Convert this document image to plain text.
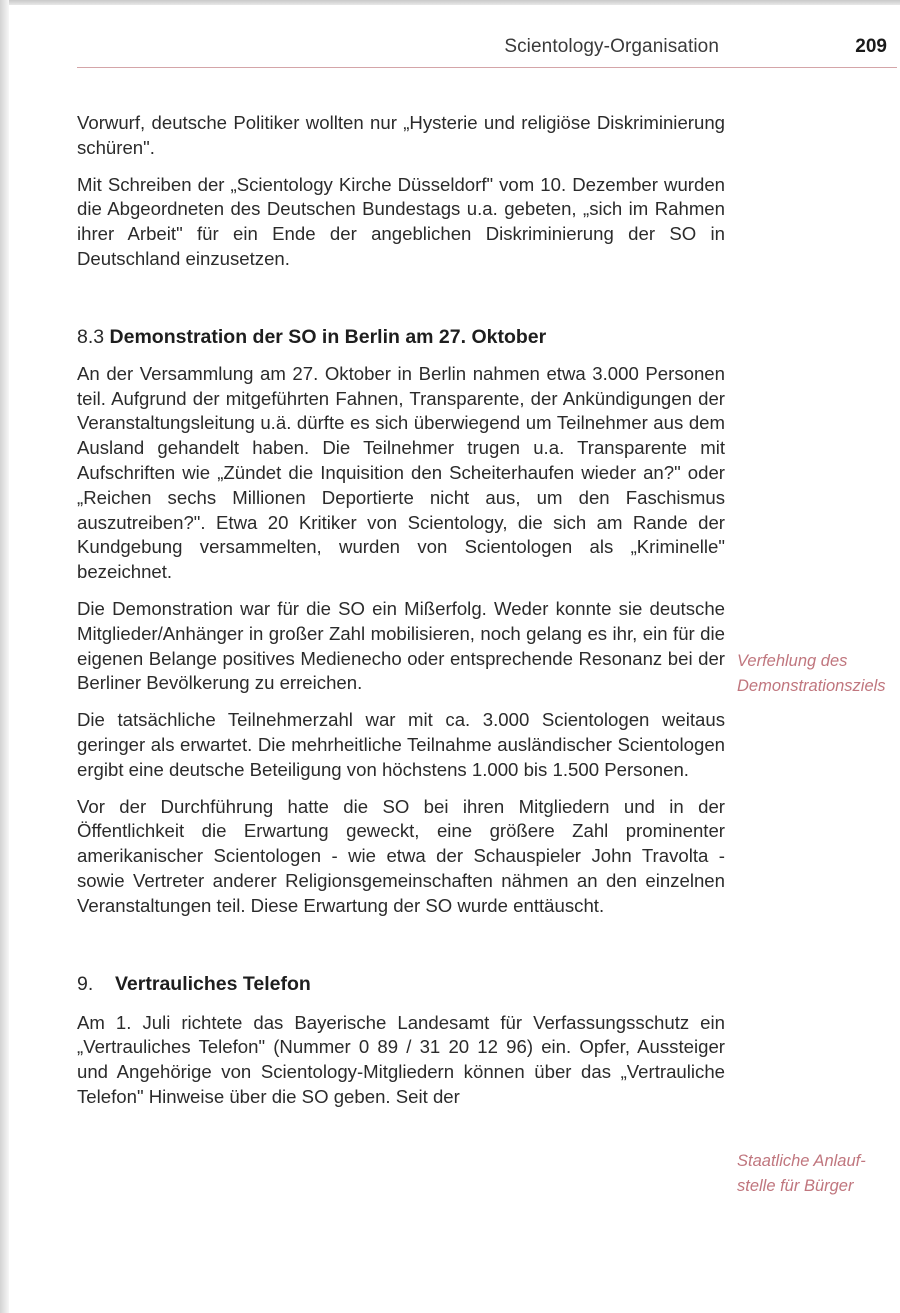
Scientology-Organisation	209

Vorwurf, deutsche Politiker wollten nur „Hysterie und religiöse Diskriminierung schüren".

Mit Schreiben der „Scientology Kirche Düsseldorf" vom 10. Dezember wurden die Abgeordneten des Deutschen Bundestags u.a. gebeten, „sich im Rahmen ihrer Arbeit" für ein Ende der angeblichen Diskriminierung der SO in Deutschland einzusetzen.

8.3 Demonstration der SO in Berlin am 27. Oktober

An der Versammlung am 27. Oktober in Berlin nahmen etwa 3.000 Personen teil. Aufgrund der mitgeführten Fahnen, Transparente, der Ankündigungen der Veranstaltungsleitung u.ä. dürfte es sich überwiegend um Teilnehmer aus dem Ausland gehandelt haben. Die Teilnehmer trugen u.a. Transparente mit Aufschriften wie „Zündet die Inquisition den Scheiterhaufen wieder an?" oder „Reichen sechs Millionen Deportierte nicht aus, um den Faschismus auszutreiben?". Etwa 20 Kritiker von Scientology, die sich am Rande der Kundgebung versammelten, wurden von Scientologen als „Kriminelle" bezeichnet.

Die Demonstration war für die SO ein Mißerfolg. Weder konnte sie deutsche Mitglieder/Anhänger in großer Zahl mobilisieren, noch gelang es ihr, ein für die eigenen Belange positives Medienecho oder entsprechende Resonanz bei der Berliner Bevölkerung zu erreichen.

Die tatsächliche Teilnehmerzahl war mit ca. 3.000 Scientologen weitaus geringer als erwartet. Die mehrheitliche Teilnahme ausländischer Scientologen ergibt eine deutsche Beteiligung von höchstens 1.000 bis 1.500 Personen.

Vor der Durchführung hatte die SO bei ihren Mitgliedern und in der Öffentlichkeit die Erwartung geweckt, eine größere Zahl prominenter amerikanischer Scientologen - wie etwa der Schauspieler John Travolta - sowie Vertreter anderer Religionsgemeinschaften nähmen an den einzelnen Veranstaltungen teil. Diese Erwartung der SO wurde enttäuscht.

9. Vertrauliches Telefon

Am 1. Juli richtete das Bayerische Landesamt für Verfassungsschutz ein „Vertrauliches Telefon" (Nummer 0 89 / 31 20 12 96) ein. Opfer, Aussteiger und Angehörige von Scientology-Mitgliedern können über das „Vertrauliche Telefon" Hinweise über die SO geben. Seit der

Verfehlung des Demonstrationsziels
Staatliche Anlaufstelle für Bürger
